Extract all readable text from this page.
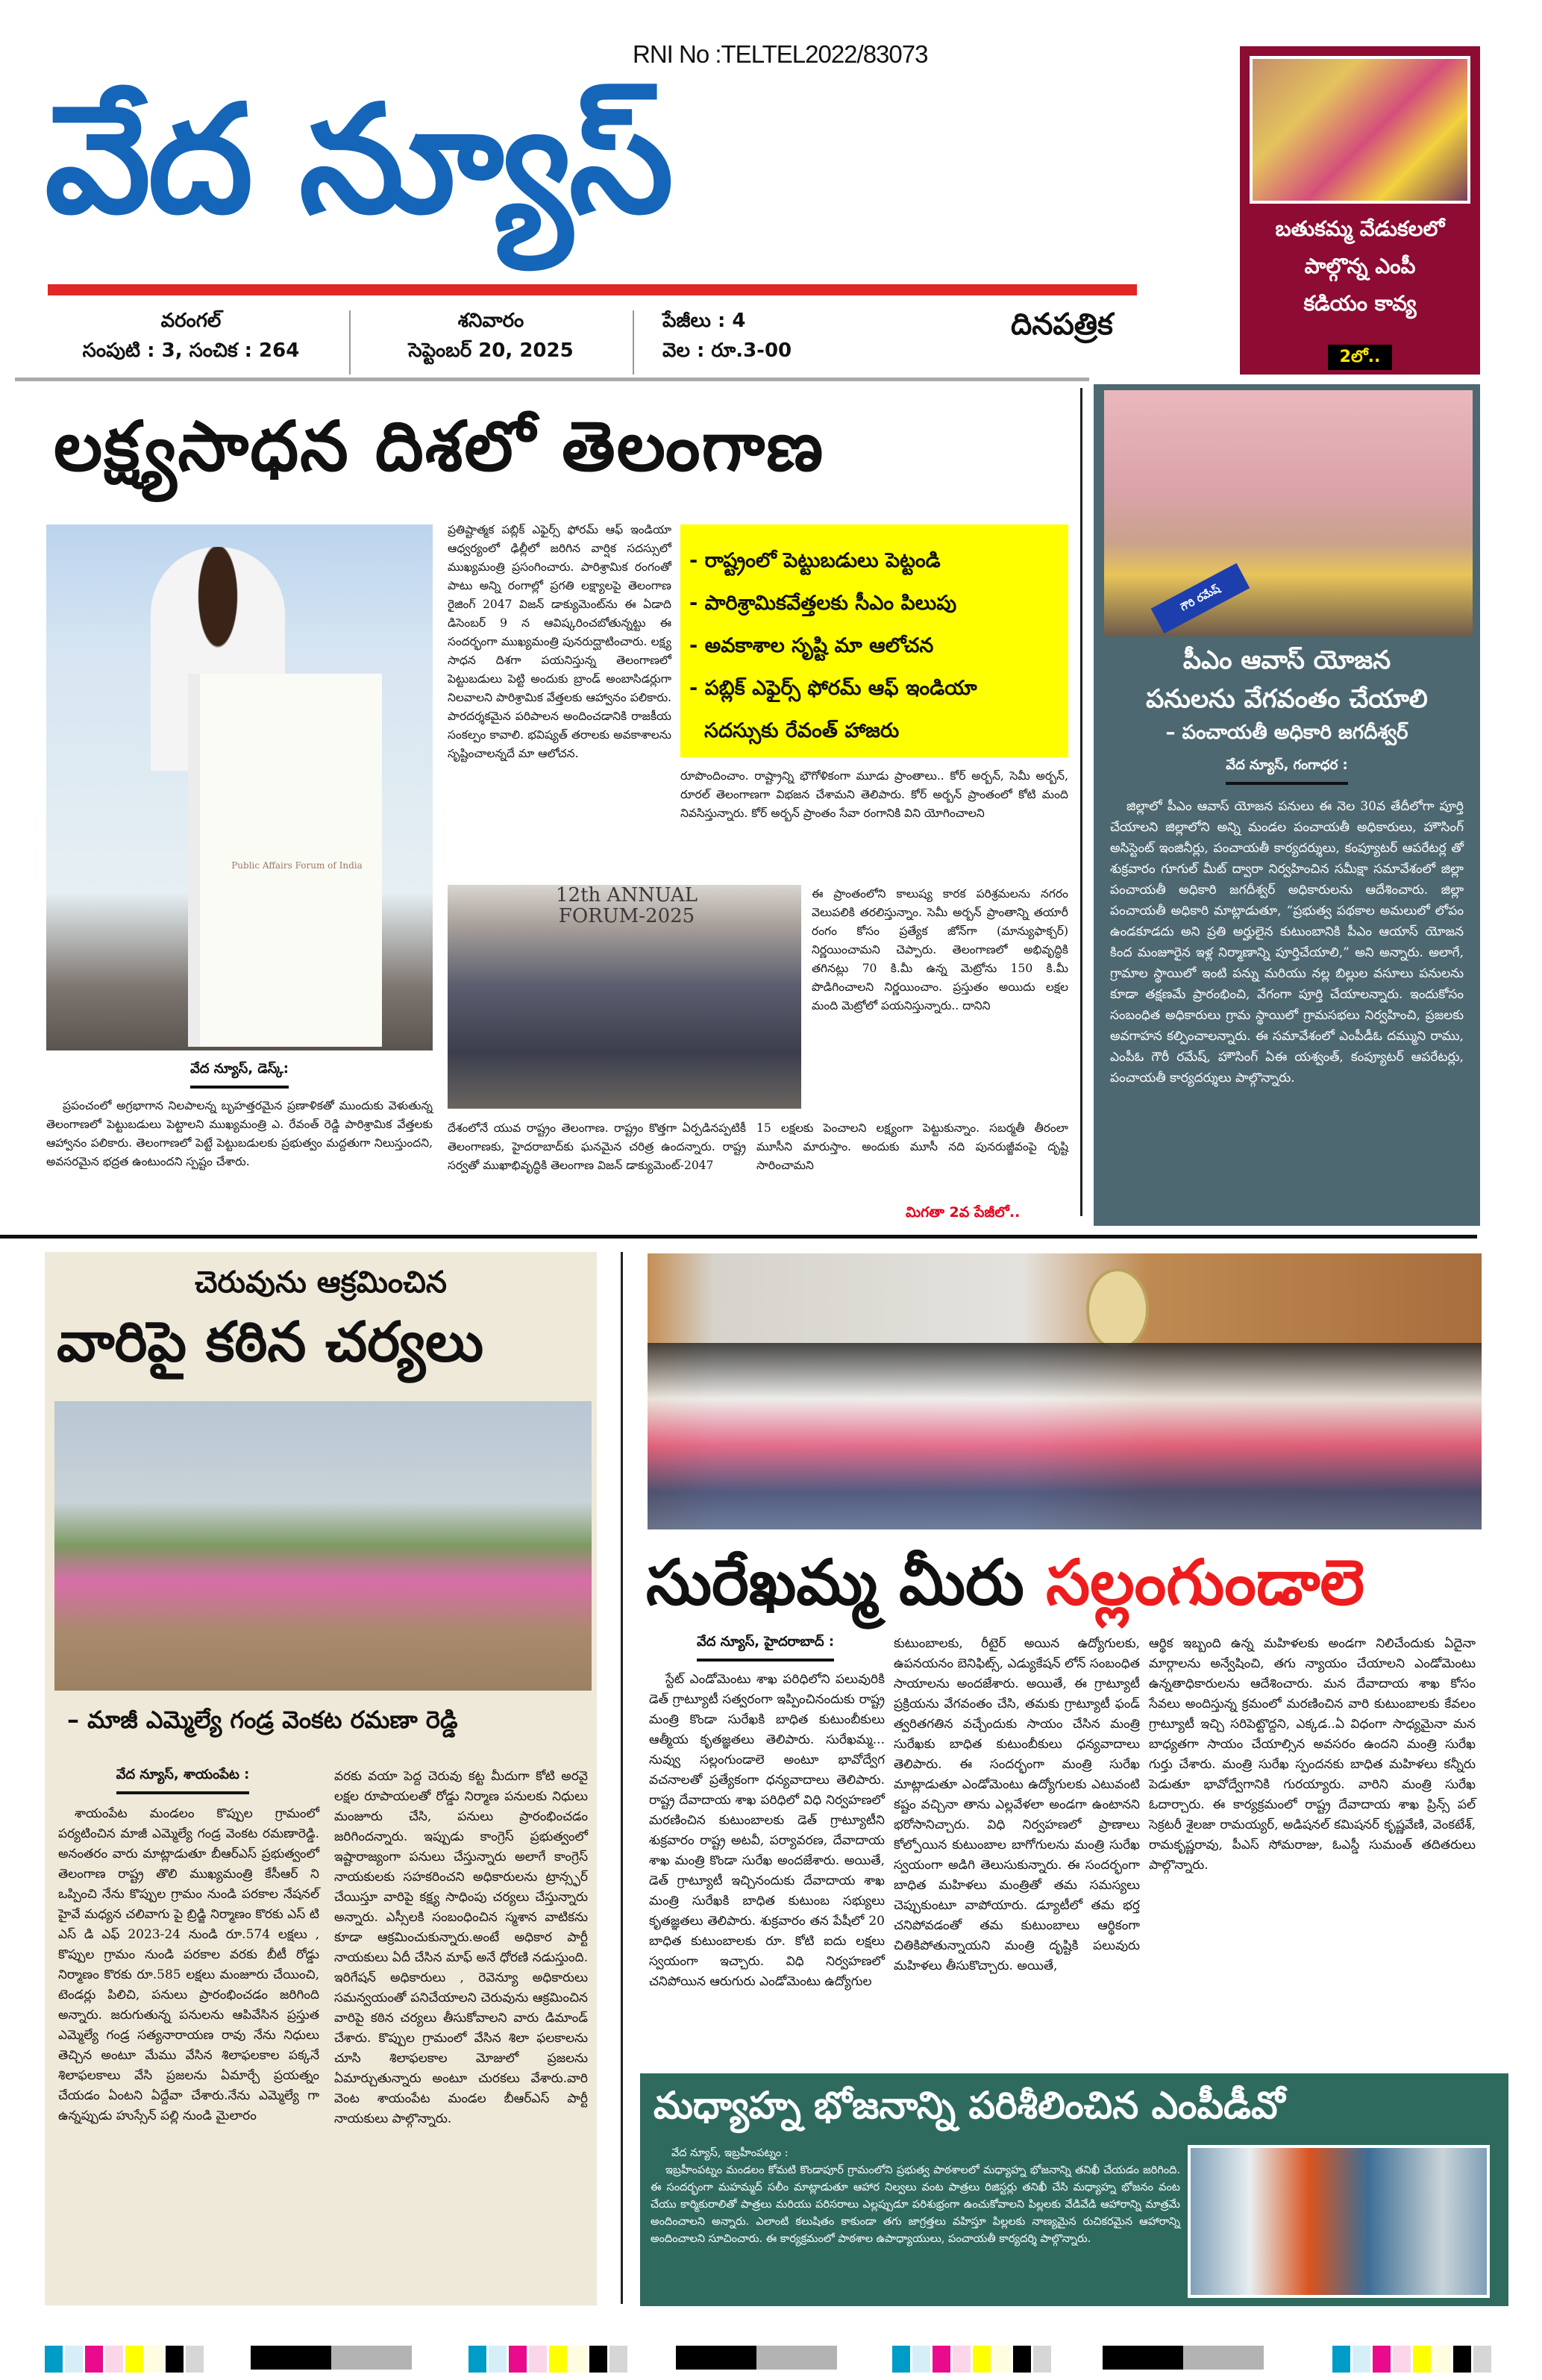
RNI No :TELTEL2022/83073
వేద న్యూస్
వరంగల్
సంపుటి : 3, సంచిక : 264
శనివారం
సెప్టెంబర్ 20, 2025
పేజీలు : 4
వెల : రూ.3-00
దినపత్రిక
బతుకమ్మ వేడుకలలో
పాల్గొన్న ఎంపీ
కడియం కావ్య
2లో..
లక్ష్యసాధన దిశలో తెలంగాణ
Public Affairs Forum of India
వేద న్యూస్, డెస్క్:

ప్రపంచంలో అగ్రభాగాన నిలపాలన్న బృహత్తరమైన ప్రణాళికతో ముందుకు వెళుతున్న తెలంగాణలో పెట్టుబడులు పెట్టాలని ముఖ్యమంత్రి ఎ. రేవంత్ రెడ్డి పారిశ్రామిక వేత్తలకు ఆహ్వానం పలికారు. తెలంగాణలో పెట్టే పెట్టుబడులకు ప్రభుత్వం మద్దతుగా నిలుస్తుందని, అవసరమైన భద్రత ఉంటుందని స్పష్టం చేశారు.

ప్రతిష్టాత్మక పబ్లిక్ ఎఫైర్స్ ఫోరమ్ ఆఫ్ ఇండియా ఆధ్వర్యంలో ఢిల్లీలో జరిగిన వార్షిక సదస్సులో ముఖ్యమంత్రి ప్రసంగించారు. పారిశ్రామిక రంగంతో పాటు అన్ని రంగాల్లో ప్రగతి లక్ష్యాలపై తెలంగాణ రైజింగ్ 2047 విజన్ డాక్యుమెంట్‌ను ఈ ఏడాది డిసెంబర్ 9 న ఆవిష్కరించబోతున్నట్టు ఈ సందర్భంగా ముఖ్యమంత్రి పునరుద్ఘాటించారు. లక్ష్య సాధన దిశగా పయనిస్తున్న తెలంగాణలో పెట్టుబడులు పెట్టి అందుకు బ్రాండ్ అంబాసిడర్లుగా నిలవాలని పారిశ్రామిక వేత్తలకు ఆహ్వానం పలికారు. పారదర్శకమైన పరిపాలన అందించడానికి రాజకీయ సంకల్పం కావాలి. భవిష్యత్ తరాలకు అవకాశాలను సృష్టించాలన్నదే మా ఆలోచన.

- రాష్ట్రంలో పెట్టుబడులు పెట్టండి
- పారిశ్రామికవేత్తలకు సీఎం పిలుపు
- అవకాశాల సృష్టి మా ఆలోచన
- పబ్లిక్ ఎఫైర్స్ ఫోరమ్ ఆఫ్ ఇండియా
సదస్సుకు రేవంత్ హాజరు

రూపొందించాం. రాష్ట్రాన్ని భౌగోళికంగా మూడు ప్రాంతాలు.. కోర్ అర్బన్, సెమీ అర్బన్, రూరల్ తెలంగాణగా విభజన చేశామని తెలిపారు. కోర్ అర్బన్ ప్రాంతంలో కోటి మంది నివసిస్తున్నారు. కోర్ అర్బన్ ప్రాంతం సేవా రంగానికి విని యోగించాలని

12th ANNUAL
FORUM-2025

ఈ ప్రాంతంలోని కాలుష్య కారక పరిశ్రమలను నగరం వెలుపలికి తరలిస్తున్నాం. సెమీ అర్బన్ ప్రాంతాన్ని తయారీ రంగం కోసం ప్రత్యేక జోన్‌గా (మాన్యుఫాక్చర్) నిర్ణయించామని చెప్పారు. తెలంగాణలో అభివృద్ధికి తగినట్లు 70 కి.మీ ఉన్న మెట్రోను 150 కి.మీ పొడిగించాలని నిర్ణయించాం. ప్రస్తుతం అయిదు లక్షల మంది మెట్రోలో పయనిస్తున్నారు.. దానిని

దేశంలోనే యువ రాష్ట్రం తెలంగాణ. రాష్ట్రం కొత్తగా ఏర్పడినప్పటికీ తెలంగాణకు, హైదరాబాద్‌కు ఘనమైన చరిత్ర ఉందన్నారు. రాష్ట్ర సర్వతో ముఖాభివృద్ధికి తెలంగాణ విజన్ డాక్యుమెంట్-2047

15 లక్షలకు పెంచాలని లక్ష్యంగా పెట్టుకున్నాం. సబర్మతీ తీరంలా మూసీని మారుస్తాం. అందుకు మూసీ నది పునరుజ్జీవంపై దృష్టి సారించామని

మిగతా 2వ పేజీలో..
గౌరి రమేష్
పీఎం ఆవాస్ యోజన
పనులను వేగవంతం చేయాలి
– పంచాయతీ అధికారి జగదీశ్వర్
వేద న్యూస్, గంగాధర :

జిల్లాలో పీఎం ఆవాస్ యోజన పనులు ఈ నెల 30వ తేదీలోగా పూర్తి చేయాలని జిల్లాలోని అన్ని మండల పంచాయతీ అధికారులు, హౌసింగ్ అసిస్టెంట్ ఇంజినీర్లు, పంచాయతీ కార్యదర్శులు, కంప్యూటర్ ఆపరేటర్ల తో శుక్రవారం గూగుల్ మీట్ ద్వారా నిర్వహించిన సమీక్షా సమావేశంలో జిల్లా పంచాయతీ అధికారి జగదీశ్వర్ అధికారులను ఆదేశించారు. జిల్లా పంచాయతీ అధికారి మాట్లాడుతూ, “ప్రభుత్వ పథకాల అమలులో లోపం ఉండకూడదు అని ప్రతి అర్హులైన కుటుంబానికి పీఎం ఆయాస్ యోజన కింద మంజూరైన ఇళ్ల నిర్మాణాన్ని పూర్తిచేయాలి,” అని అన్నారు. అలాగే, గ్రామాల స్థాయిలో ఇంటి పన్ను మరియు నల్ల బిల్లుల వసూలు పనులను కూడా తక్షణమే ప్రారంభించి, వేగంగా పూర్తి చేయాలన్నారు. ఇందుకోసం సంబంధిత అధికారులు గ్రామ స్థాయిలో గ్రామసభలు నిర్వహించి, ప్రజలకు అవగాహన కల్పించాలన్నారు. ఈ సమావేశంలో ఎంపీడీఓ దమ్ముని రాము, ఎంపీఓ గౌరీ రమేష్, హౌసింగ్ ఏఈ యశ్వంత్, కంప్యూటర్ ఆపరేటర్లు, పంచాయతీ కార్యదర్శులు పాల్గొన్నారు.

చెరువును ఆక్రమించిన
వారిపై కఠిన చర్యలు
– మాజీ ఎమ్మెల్యే గండ్ర వెంకట రమణా రెడ్డి
వేద న్యూస్, శాయంపేట :

శాయంపేట మండలం కొప్పుల గ్రామంలో పర్యటించిన మాజీ ఎమ్మెల్యే గండ్ర వెంకట రమణారెడ్డి. అనంతరం వారు మాట్లాడుతూ బీఆర్ఎస్ ప్రభుత్వంలో తెలంగాణ రాష్ట్ర తొలి ముఖ్యమంత్రి కేసీఆర్ ని ఒప్పించి నేను కొప్పుల గ్రామం నుండి పరకాల నేషనల్ హైవే మధ్యన చలివాగు పై బ్రిడ్జి నిర్మాణం కొరకు ఎస్ టి ఎస్ డి ఎఫ్ 2023-24 నుండి రూ.574 లక్షలు , కొప్పుల గ్రామం నుండి పరకాల వరకు బీటీ రోడ్డు నిర్మాణం కొరకు రూ.585 లక్షలు మంజూరు చేయించి, టెండర్లు పిలిచి, పనులు ప్రారంభించడం జరిగింది అన్నారు. జరుగుతున్న పనులను ఆపివేసిన ప్రస్తుత ఎమ్మెల్యే గండ్ర సత్యనారాయణ రావు నేను నిధులు తెచ్చిన అంటూ మేము వేసిన శిలాఫలకాల పక్కనే శిలాఫలకాలు వేసి ప్రజలను ఏమార్చే ప్రయత్నం చేయడం ఏంటని ఏద్దేవా చేశారు.నేను ఎమ్మెల్యే గా ఉన్నప్పుడు హుస్సేన్ పల్లి నుండి మైలారం

వరకు వయా పెద్ద చెరువు కట్ట మీదుగా కోటి అరవై లక్షల రూపాయలతో రోడ్డు నిర్మాణ పనులకు నిధులు మంజూరు చేసి, పనులు ప్రారంభించడం జరిగిందన్నారు. ఇప్పుడు కాంగ్రెస్ ప్రభుత్వంలో ఇష్టారాజ్యంగా పనులు చేస్తున్నారు అలాగే కాంగ్రెస్ నాయకులకు సహకరించని అధికారులను ట్రాన్స్ఫర్ చేయిస్తూ వారిపై కక్ష్య సాధింపు చర్యలు చేస్తున్నారు అన్నారు. ఎస్సీలకి సంబంధించిన స్మశాన వాటికను కూడా ఆక్రమించుకున్నారు.అంటే అధికార పార్టీ నాయకులు ఏదీ చేసిన మాఫ్ అనే ధోరణి నడుస్తుంది. ఇరిగేషన్ అధికారులు , రెవెన్యూ అధికారులు సమన్వయంతో పనిచేయాలని చెరువును ఆక్రమించిన వారిపై కఠిన చర్యలు తీసుకోవాలని వారు డిమాండ్ చేశారు. కొప్పుల గ్రామంలో వేసిన శిలా ఫలకాలను చూసి శిలాఫలకాల మోజులో ప్రజలను ఏమార్చుతున్నారు అంటూ చురకలు వేశారు.వారి వెంట శాయంపేట మండల బీఆర్ఎస్ పార్టీ నాయకులు పాల్గొన్నారు.

సురేఖమ్మ మీరు సల్లంగుండాలె
వేద న్యూస్, హైదరాబాద్ :

స్టేట్ ఎండోమెంటు శాఖ పరిధిలోని పలువురికి డెత్ గ్రాట్యూటీ సత్వరంగా ఇప్పించినందుకు రాష్ట్ర మంత్రి కొండా సురేఖకి బాధిత కుటుంబీకులు ఆత్మీయ కృతజ్ఞతలు తెలిపారు. సురేఖమ్మ... నువ్వు సల్లంగుండాలె అంటూ భావోద్వేగ వచనాలతో ప్రత్యేకంగా ధన్యవాదాలు తెలిపారు. రాష్ట్ర దేవాదాయ శాఖ పరిధిలో విధి నిర్వహణలో మరణించిన కుటుంబాలకు డెత్ గ్రాట్యూటీని శుక్రవారం రాష్ట్ర అటవీ, పర్యావరణ, దేవాదాయ శాఖ మంత్రి కొండా సురేఖ అందజేశారు. అయితే, డెత్ గ్రాట్యూటీ ఇచ్చినందుకు దేవాదాయ శాఖ మంత్రి సురేఖకి బాధిత కుటుంబ సభ్యులు కృతజ్ఞతలు తెలిపారు. శుక్రవారం తన పేషీలో 20 బాధిత కుటుంబాలకు రూ. కోటి ఐదు లక్షలు స్వయంగా ఇచ్చారు. విధి నిర్వహణలో చనిపోయిన ఆరుగురు ఎండోమెంటు ఉద్యోగుల

కుటుంబాలకు, రీటైర్ అయిన ఉద్యోగులకు, ఉపనయనం బెనిఫిట్స్, ఎడ్యుకేషన్ లోన్ సంబంధిత సాయాలను అందజేశారు. అయితే, ఈ గ్రాట్యూటీ ప్రక్రియను వేగవంతం చేసి, తమకు గ్రాట్యూటీ ఫండ్ త్వరితగతిన వచ్చేందుకు సాయం చేసిన మంత్రి సురేఖకు బాధిత కుటుంబీకులు ధన్యవాదాలు తెలిపారు. ఈ సందర్భంగా మంత్రి సురేఖ మాట్లాడుతూ ఎండోమెంటు ఉద్యోగులకు ఎటువంటి కష్టం వచ్చినా తాను ఎల్లవేళలా అండగా ఉంటానని భరోసానిచ్చారు. విధి నిర్వహణలో ప్రాణాలు కోల్పోయిన కుటుంబాల బాగోగులను మంత్రి సురేఖ స్వయంగా అడిగి తెలుసుకున్నారు. ఈ సందర్భంగా బాధిత మహిళలు మంత్రితో తమ సమస్యలు చెప్పుకుంటూ వాపోయారు. డ్యూటీలో తమ భర్త చనిపోవడంతో తమ కుటుంబాలు ఆర్థికంగా చితికిపోతున్నాయని మంత్రి దృష్టికి పలువురు మహిళలు తీసుకొచ్చారు. అయితే,

ఆర్థిక ఇబ్బంది ఉన్న మహిళలకు అండగా నిలిచేందుకు ఏదైనా మార్గాలను అన్వేషించి, తగు న్యాయం చేయాలని ఎండోమెంటు ఉన్నతాధికారులను ఆదేశించారు. మన దేవాదాయ శాఖ కోసం సేవలు అందిస్తున్న క్రమంలో మరణించిన వారి కుటుంబాలకు కేవలం గ్రాట్యూటీ ఇచ్చి సరిపెట్టొద్దని, ఎక్కడ..ఏ విధంగా సాధ్యమైనా మన బాధ్యతగా సాయం చేయాల్సిన అవసరం ఉందని మంత్రి సురేఖ గుర్తు చేశారు. మంత్రి సురేఖ స్పందనకు బాధిత మహిళలు కన్నీరు పెడుతూ భావోద్వేగానికి గురయ్యారు. వారిని మంత్రి సురేఖ ఓదార్చారు. ఈ కార్యక్రమంలో రాష్ట్ర దేవాదాయ శాఖ ప్రిన్స్ పల్ సెక్రటరీ శైలజా రామయ్యర్, అడిషనల్ కమిషనర్ కృష్ణవేణి, వెంకటేశ్, రామకృష్ణరావు, పీఎస్ సోమరాజు, ఓఎస్డీ సుమంత్ తదితరులు పాల్గొన్నారు.

మధ్యాహ్న భోజనాన్ని పరిశీలించిన ఎంపీడీవో
వేద న్యూస్, ఇబ్రహీంపట్నం :
ఇబ్రహీంపట్నం మండలం కోమటి కొండాపూర్ గ్రామంలోని ప్రభుత్వ పాఠశాలలో మధ్యాహ్న భోజనాన్ని తనిఖీ చేయడం జరిగింది. ఈ సందర్భంగా మహమ్మద్ సలీం మాట్లాడుతూ ఆహార నిల్వలు వంట పాత్రలు రిజిస్టర్లు తనిఖీ చేసి మధ్యాహ్న భోజనం వంట చేయు కార్మికురాలితో పాత్రలు మరియు పరిసరాలు ఎల్లప్పుడూ పరిశుభ్రంగా ఉంచుకోవాలని పిల్లలకు వేడివేడి ఆహారాన్ని మాత్రమే అందించాలని అన్నారు. ఎలాంటి కలుషితం కాకుండా తగు జాగ్రత్తలు వహిస్తూ పిల్లలకు నాణ్యమైన రుచికరమైన ఆహారాన్ని అందించాలని సూచించారు. ఈ కార్యక్రమంలో పాఠశాల ఉపాధ్యాయులు, పంచాయతీ కార్యదర్శి పాల్గొన్నారు.
